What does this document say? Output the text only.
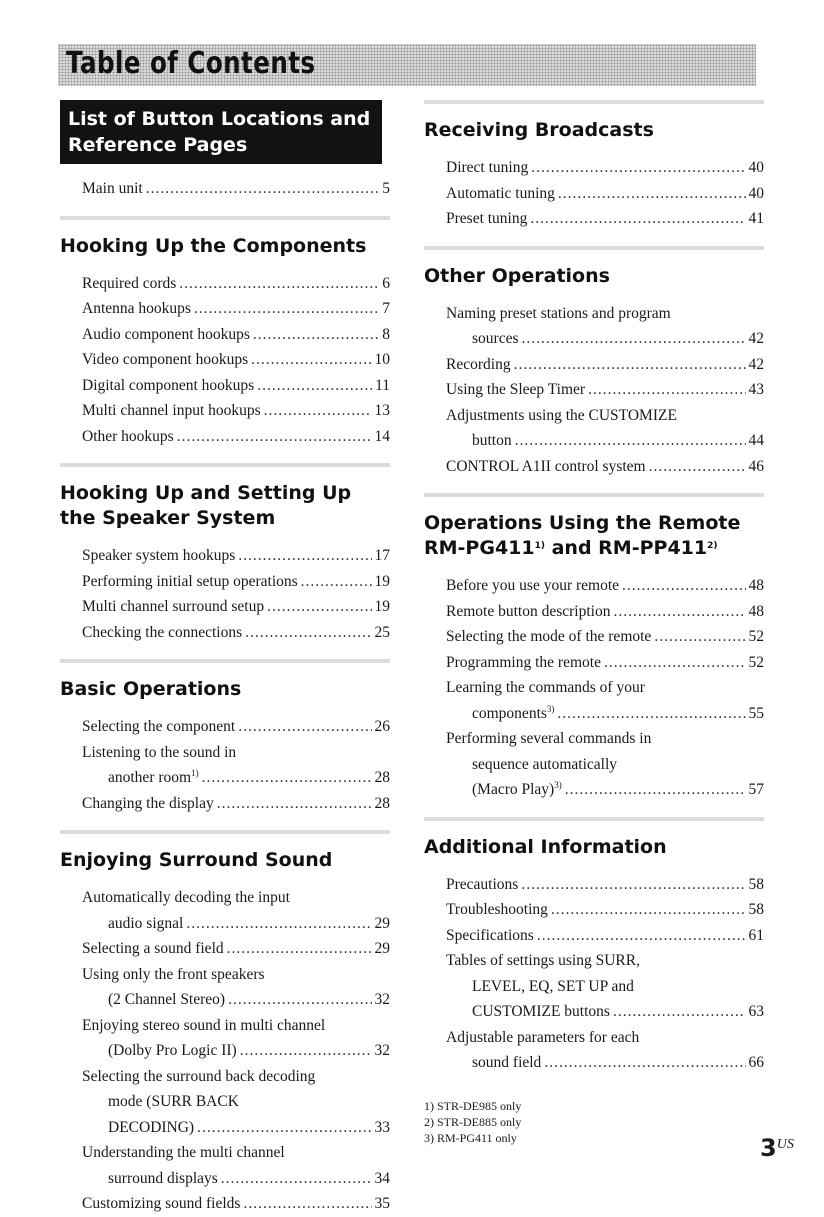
Table of Contents
List of Button Locations and
Reference Pages
Main unit .....	5
Hooking Up the Components
Required cords .....	6
Antenna hookups .....	7
Audio component hookups .....	8
Video component hookups .....	10
Digital component hookups .....	11
Multi channel input hookups .....	13
Other hookups .....	14
Hooking Up and Setting Up
the Speaker System
Speaker system hookups .....	17
Performing initial setup operations .....	19
Multi channel surround setup .....	19
Checking the connections .....	25
Basic Operations
Selecting the component .....	26
Listening to the sound in
another room$^{1)}$ .....	28
Changing the display .....	28
Enjoying Surround Sound
Automatically decoding the input
audio signal .....	29
Selecting a sound field .....	29
Using only the front speakers
(2 Channel Stereo) .....	32
Enjoying stereo sound in multi channel
(Dolby Pro Logic II) .....	32
Selecting the surround back decoding
mode (SURR BACK
DECODING) .....	33
Understanding the multi channel
surround displays .....	34
Customizing sound fields .....	35
Receiving Broadcasts
Direct tuning .....	40
Automatic tuning .....	40
Preset tuning .....	41
Other Operations
Naming preset stations and program
sources .....	42
Recording .....	42
Using the Sleep Timer .....	43
Adjustments using the CUSTOMIZE
button .....	44
CONTROL A1II control system .....	46
Operations Using the Remote
RM-PG411$^{1)}$ and RM-PP411$^{2)}$
Before you use your remote .....	48
Remote button description .....	48
Selecting the mode of the remote .....	52
Programming the remote .....	52
Learning the commands of your
components$^{3)}$ .....	55
Performing several commands in
sequence automatically
(Macro Play)$^{3)}$ .....	57
Additional Information
Precautions .....	58
Troubleshooting .....	58
Specifications .....	61
Tables of settings using SURR,
LEVEL, EQ, SET UP and
CUSTOMIZE buttons .....	63
Adjustable parameters for each
sound field .....	66
1) STR-DE985 only
2) STR-DE885 only
3) RM-PG411 only	$3^{US}$
